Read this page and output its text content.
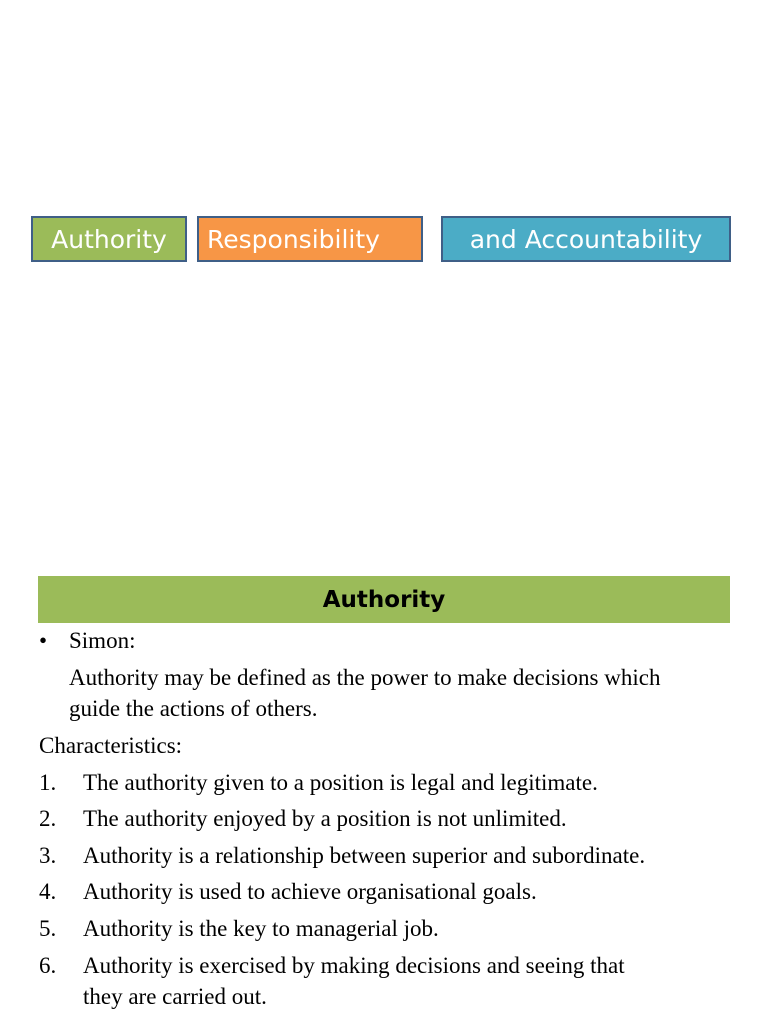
Authority Responsibility	and Accountability
Authority
• Simon:
Authority may be defined as the power to make decisions which
guide the actions of others.
Characteristics:
1. The authority given to a position is legal and legitimate.
2. The authority enjoyed by a position is not unlimited.
3. Authority is a relationship between superior and subordinate.
4. Authority is used to achieve organisational goals.
5. Authority is the key to managerial job.
6. Authority is exercised by making decisions and seeing that
they are carried out.
